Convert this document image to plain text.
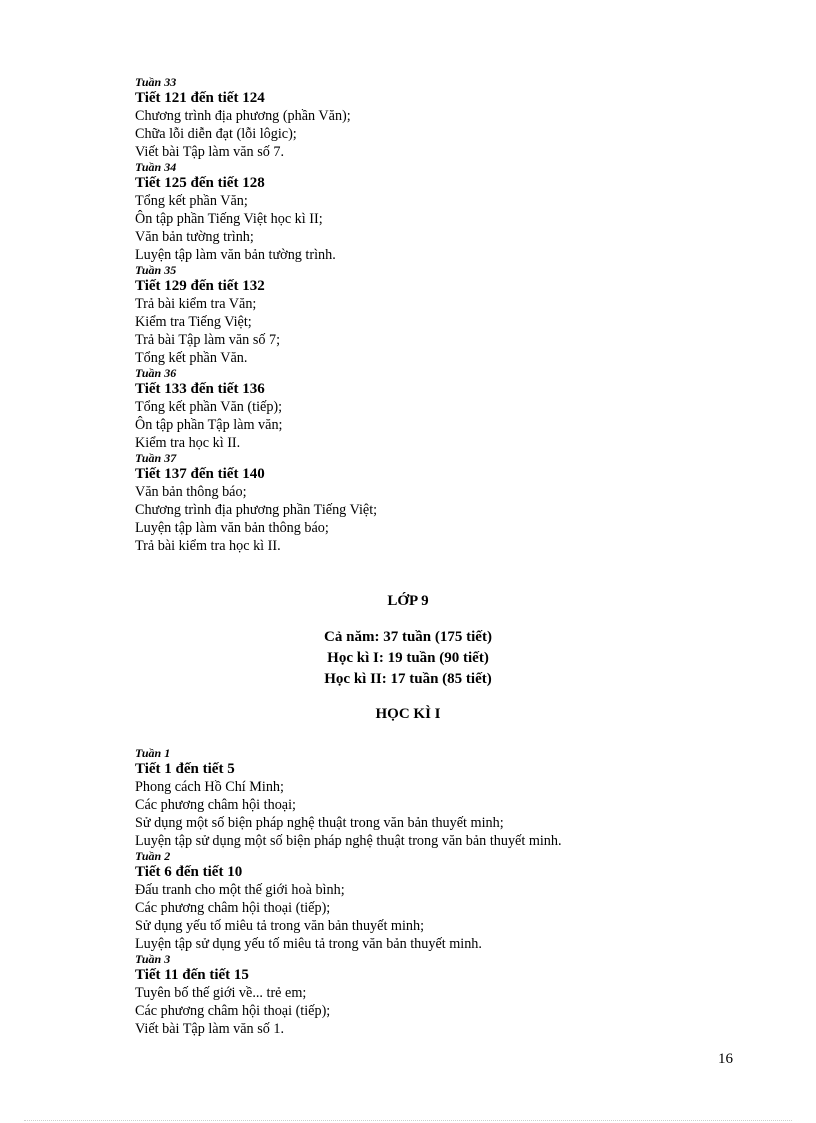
Tuần 33
Tiết 121 đến tiết 124
Chương trình địa phương (phần Văn);
Chữa lỗi diễn đạt (lỗi lôgic);
Viết bài Tập làm văn số 7.
Tuần 34
Tiết 125 đến tiết 128
Tổng kết phần Văn;
Ôn tập phần Tiếng Việt học kì II;
Văn bản tường trình;
Luyện tập làm văn bản tường trình.
Tuần 35
Tiết 129 đến tiết 132
Trả bài kiểm tra Văn;
Kiểm tra Tiếng Việt;
Trả bài Tập làm văn số 7;
Tổng kết phần Văn.
Tuần 36
Tiết 133 đến tiết 136
Tổng kết phần Văn (tiếp);
Ôn tập phần Tập làm văn;
Kiểm tra học kì II.
Tuần 37
Tiết 137 đến tiết 140
Văn bản thông báo;
Chương trình địa phương phần Tiếng Việt;
Luyện tập làm văn bản thông báo;
Trả bài kiểm tra học kì II.
LỚP 9
Cả năm: 37 tuần (175 tiết)
Học kì I: 19 tuần (90 tiết)
Học kì II: 17 tuần (85 tiết)
HỌC KÌ I
Tuần 1
Tiết 1 đến tiết 5
Phong cách Hồ Chí Minh;
Các phương châm hội thoại;
Sử dụng một số biện pháp nghệ thuật trong văn bản thuyết minh;
Luyện tập sử dụng một số biện pháp nghệ thuật trong văn bản thuyết minh.
Tuần 2
Tiết 6 đến tiết 10
Đấu tranh cho một thế giới hoà bình;
Các phương châm hội thoại (tiếp);
Sử dụng yếu tố miêu tả trong văn bản thuyết minh;
Luyện tập sử dụng yếu tố miêu tả trong văn bản thuyết minh.
Tuần 3
Tiết 11 đến tiết 15
Tuyên bố thế giới về... trẻ em;
Các phương châm hội thoại (tiếp);
Viết bài Tập làm văn số 1.
16
